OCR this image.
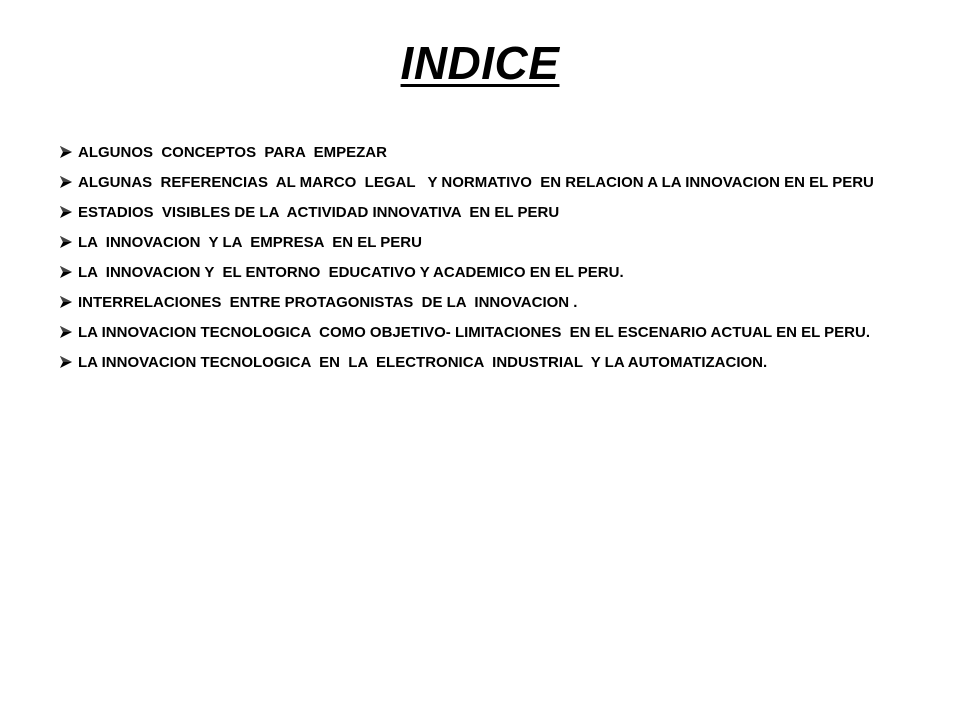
INDICE
ALGUNOS  CONCEPTOS  PARA  EMPEZAR
ALGUNAS  REFERENCIAS  AL MARCO  LEGAL   Y NORMATIVO  EN RELACION A LA INNOVACION EN EL PERU
ESTADIOS  VISIBLES DE LA  ACTIVIDAD INNOVATIVA  EN EL PERU
LA  INNOVACION  Y LA  EMPRESA  EN EL PERU
LA  INNOVACION Y  EL ENTORNO  EDUCATIVO Y ACADEMICO EN EL PERU.
INTERRELACIONES  ENTRE PROTAGONISTAS  DE LA  INNOVACION .
LA INNOVACION TECNOLOGICA  COMO OBJETIVO- LIMITACIONES  EN EL ESCENARIO ACTUAL EN EL PERU.
LA INNOVACION TECNOLOGICA  EN  LA  ELECTRONICA  INDUSTRIAL  Y LA AUTOMATIZACION.
